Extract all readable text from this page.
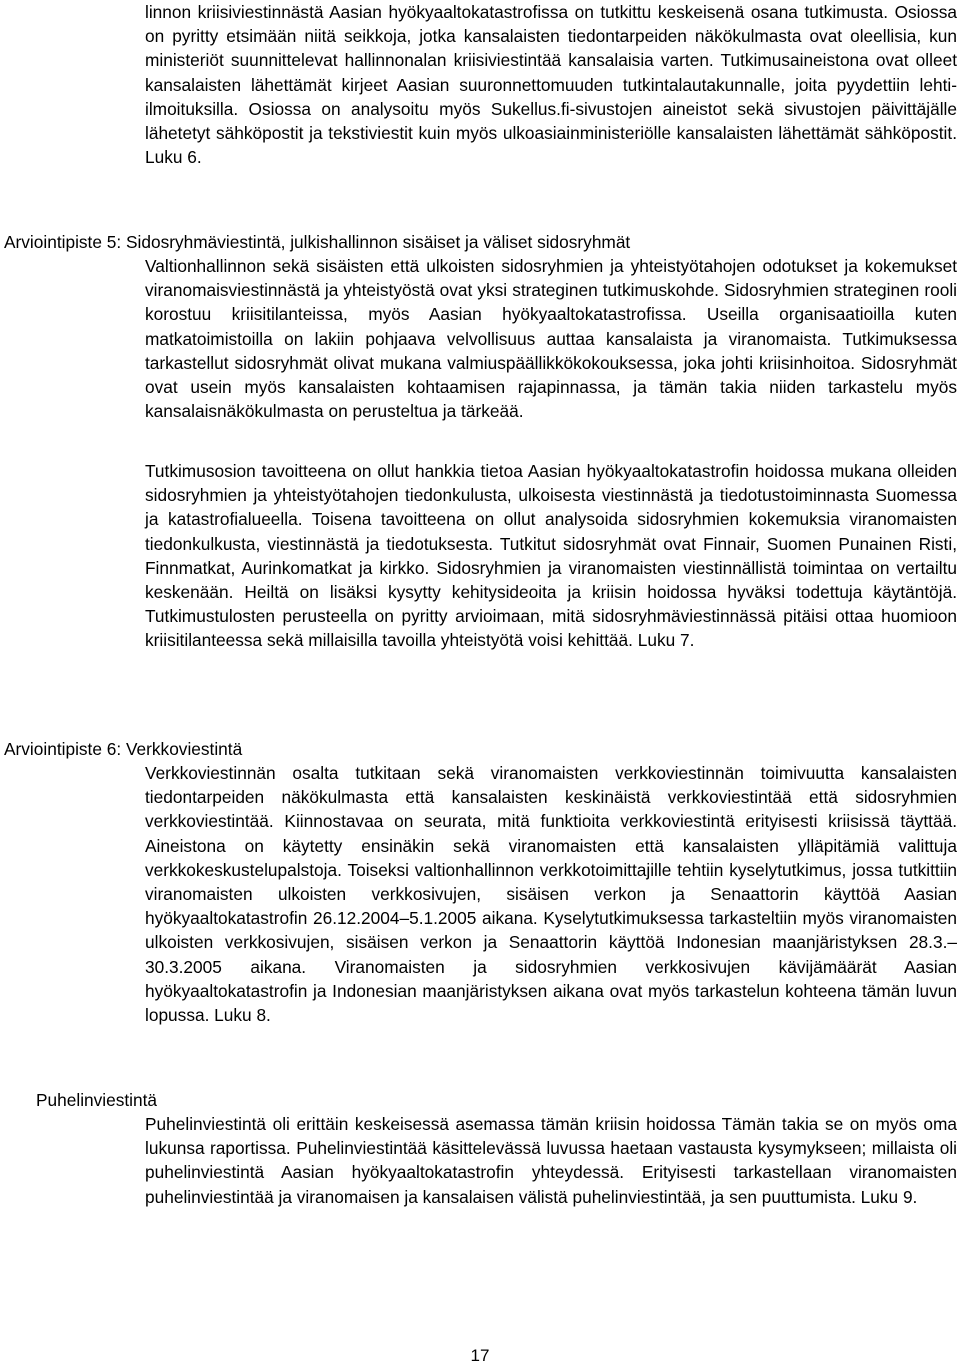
linnon kriisiviestinnästä Aasian hyökyaaltokatastrofissa on tutkittu keskeisenä osana tutkimusta. Osiossa on pyritty etsimään niitä seikkoja, jotka kansalaisten tiedontarpeiden näkökulmasta ovat oleellisia, kun ministeriöt suunnittelevat hallinnonalan kriisiviestintää kansalaisia varten. Tutkimusaineistona ovat olleet kansalaisten lähettämät kirjeet Aasian suuronnettomuuden tutkintalautakunnalle, joita pyydettiin lehti-ilmoituksilla. Osiossa on analysoitu myös Sukellus.fi-sivustojen aineistot sekä sivustojen päivittäjälle lähetetyt sähköpostit ja tekstiviestit kuin myös ulkoasiainministeriölle kansalaisten lähettämät sähköpostit. Luku 6.

Arviointipiste 5: Sidosryhmäviestintä, julkishallinnon sisäiset ja väliset sidosryhmät

Valtionhallinnon sekä sisäisten että ulkoisten sidosryhmien ja yhteistyötahojen odotukset ja kokemukset viranomaisviestinnästä ja yhteistyöstä ovat yksi strateginen tutkimuskohde. Sidosryhmien strateginen rooli korostuu kriisitilanteissa, myös Aasian hyökyaaltokatastrofissa. Useilla organisaatioilla kuten matkatoimistoilla on lakiin pohjaava velvollisuus auttaa kansalaista ja viranomaista. Tutkimuksessa tarkastellut sidosryhmät olivat mukana valmiuspäällikkökokouksessa, joka johti kriisinhoitoa. Sidosryhmät ovat usein myös kansalaisten kohtaamisen rajapinnassa, ja tämän takia niiden tarkastelu myös kansalaisnäkökulmasta on perusteltua ja tärkeää.

Tutkimusosion tavoitteena on ollut hankkia tietoa Aasian hyökyaaltokatastrofin hoidossa mukana olleiden sidosryhmien ja yhteistyötahojen tiedonkulusta, ulkoisesta viestinnästä ja tiedotustoiminnasta Suomessa ja katastrofialueella. Toisena tavoitteena on ollut analysoida sidosryhmien kokemuksia viranomaisten tiedonkulkusta, viestinnästä ja tiedotuksesta. Tutkitut sidosryhmät ovat Finnair, Suomen Punainen Risti, Finnmatkat, Aurinkomatkat ja kirkko. Sidosryhmien ja viranomaisten viestinnällistä toimintaa on vertailtu keskenään. Heiltä on lisäksi kysytty kehitysideoita ja kriisin hoidossa hyväksi todettuja käytäntöjä. Tutkimustulosten perusteella on pyritty arvioimaan, mitä sidosryhmäviestinnässä pitäisi ottaa huomioon kriisitilanteessa sekä millaisilla tavoilla yhteistyötä voisi kehittää. Luku 7.

Arviointipiste 6: Verkkoviestintä

Verkkoviestinnän osalta tutkitaan sekä viranomaisten verkkoviestinnän toimivuutta kansalaisten tiedontarpeiden näkökulmasta että kansalaisten keskinäistä verkkoviestintää että sidosryhmien verkkoviestintää. Kiinnostavaa on seurata, mitä funktioita verkkoviestintä erityisesti kriisissä täyttää. Aineistona on käytetty ensinäkin sekä viranomaisten että kansalaisten ylläpitämiä valittuja verkkokeskustelupalstoja. Toiseksi valtionhallinnon verkkotoimittajille tehtiin kyselytutkimus, jossa tutkittiin viranomaisten ulkoisten verkkosivujen, sisäisen verkon ja Senaattorin käyttöä Aasian hyökyaaltokatastrofin 26.12.2004–5.1.2005 aikana. Kyselytutkimuksessa tarkasteltiin myös viranomaisten ulkoisten verkkosivujen, sisäisen verkon ja Senaattorin käyttöä Indonesian maanjäristyksen 28.3.–30.3.2005 aikana. Viranomaisten ja sidosryhmien verkkosivujen kävijämäärät Aasian hyökyaaltokatastrofin ja Indonesian maanjäristyksen aikana ovat myös tarkastelun kohteena tämän luvun lopussa. Luku 8.

Puhelinviestintä

Puhelinviestintä oli erittäin keskeisessä asemassa tämän kriisin hoidossa Tämän takia se on myös oma lukunsa raportissa. Puhelinviestintää käsittelevässä luvussa haetaan vastausta kysymykseen; millaista oli puhelinviestintä Aasian hyökyaaltokatastrofin yhteydessä. Erityisesti tarkastellaan viranomaisten puhelinviestintää ja viranomaisen ja kansalaisen välistä puhelinviestintää, ja sen puuttumista. Luku 9.

17
